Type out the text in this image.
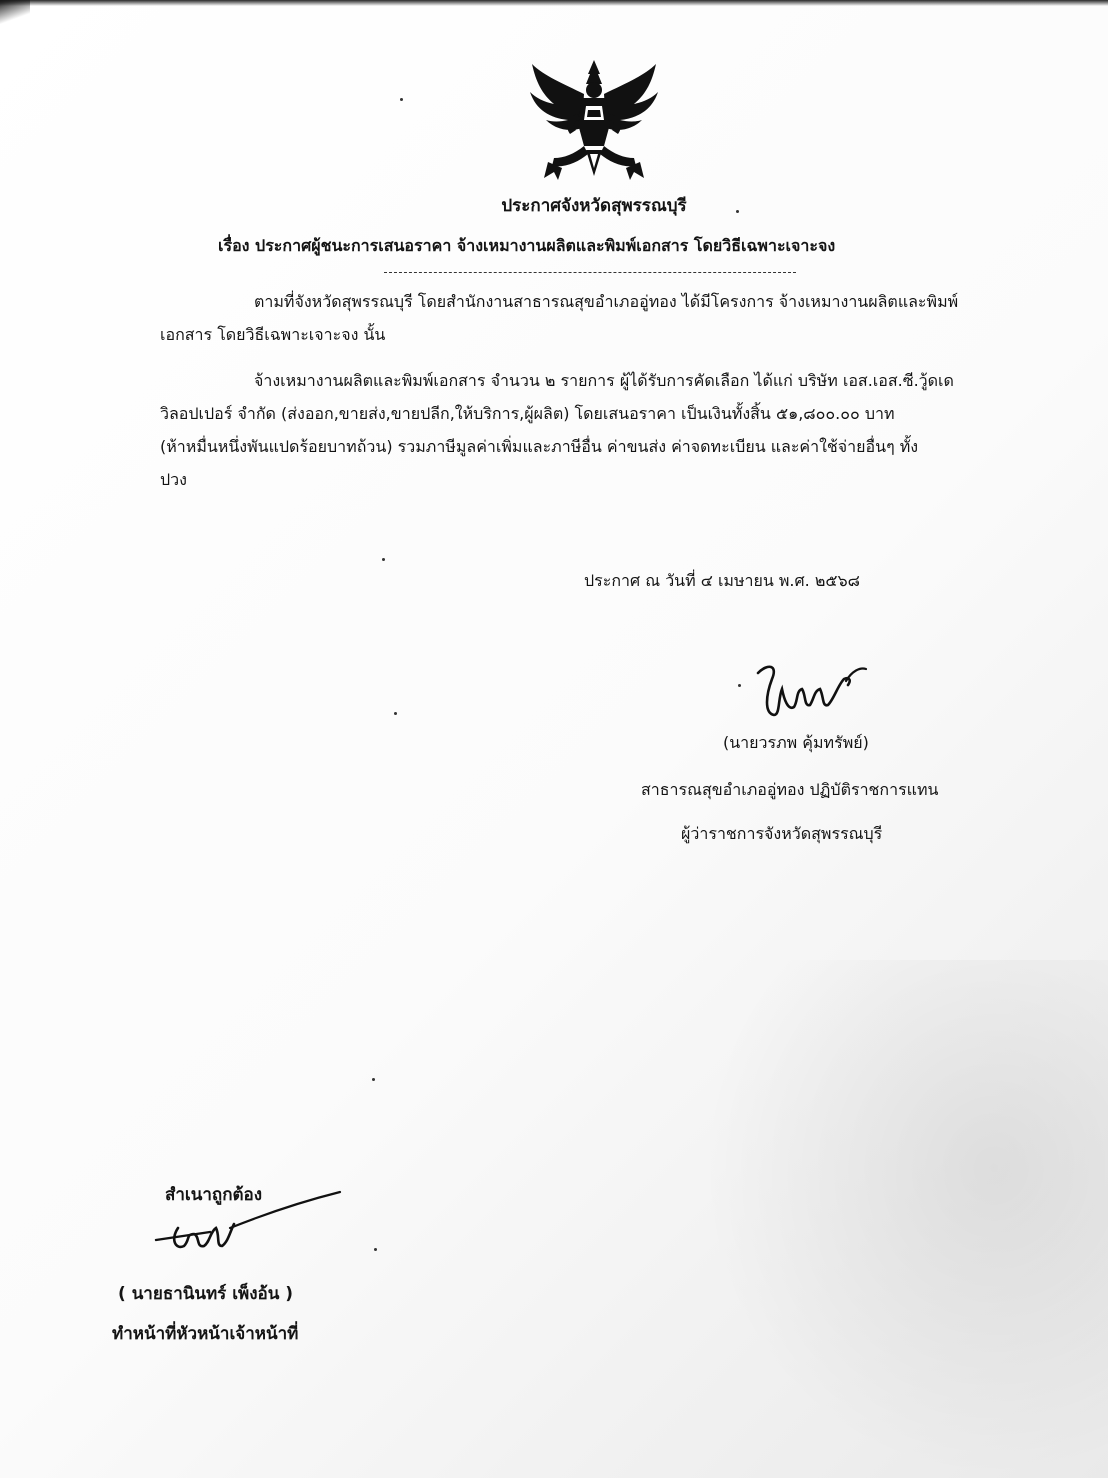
ประกาศจังหวัดสุพรรณบุรี
เรื่อง ประกาศผู้ชนะการเสนอราคา จ้างเหมางานผลิตและพิมพ์เอกสาร โดยวิธีเฉพาะเจาะจง
ตามที่จังหวัดสุพรรณบุรี โดยสำนักงานสาธารณสุขอำเภออู่ทอง ได้มีโครงการ จ้างเหมางานผลิตและพิมพ์
เอกสาร โดยวิธีเฉพาะเจาะจง นั้น
จ้างเหมางานผลิตและพิมพ์เอกสาร จำนวน ๒ รายการ ผู้ได้รับการคัดเลือก ได้แก่ บริษัท เอส.เอส.ซี.วู้ดเด
วิลอปเปอร์ จำกัด (ส่งออก,ขายส่ง,ขายปลีก,ให้บริการ,ผู้ผลิต) โดยเสนอราคา เป็นเงินทั้งสิ้น ๕๑,๘๐๐.๐๐ บาท
(ห้าหมื่นหนึ่งพันแปดร้อยบาทถ้วน) รวมภาษีมูลค่าเพิ่มและภาษีอื่น ค่าขนส่ง ค่าจดทะเบียน และค่าใช้จ่ายอื่นๆ ทั้ง
ปวง
ประกาศ ณ วันที่ ๔ เมษายน พ.ศ. ๒๕๖๘
(นายวรภพ คุ้มทรัพย์)
สาธารณสุขอำเภออู่ทอง ปฏิบัติราชการแทน
ผู้ว่าราชการจังหวัดสุพรรณบุรี
สำเนาถูกต้อง
( นายธานินทร์ เพ็งอ้น )
ทำหน้าที่หัวหน้าเจ้าหน้าที่
